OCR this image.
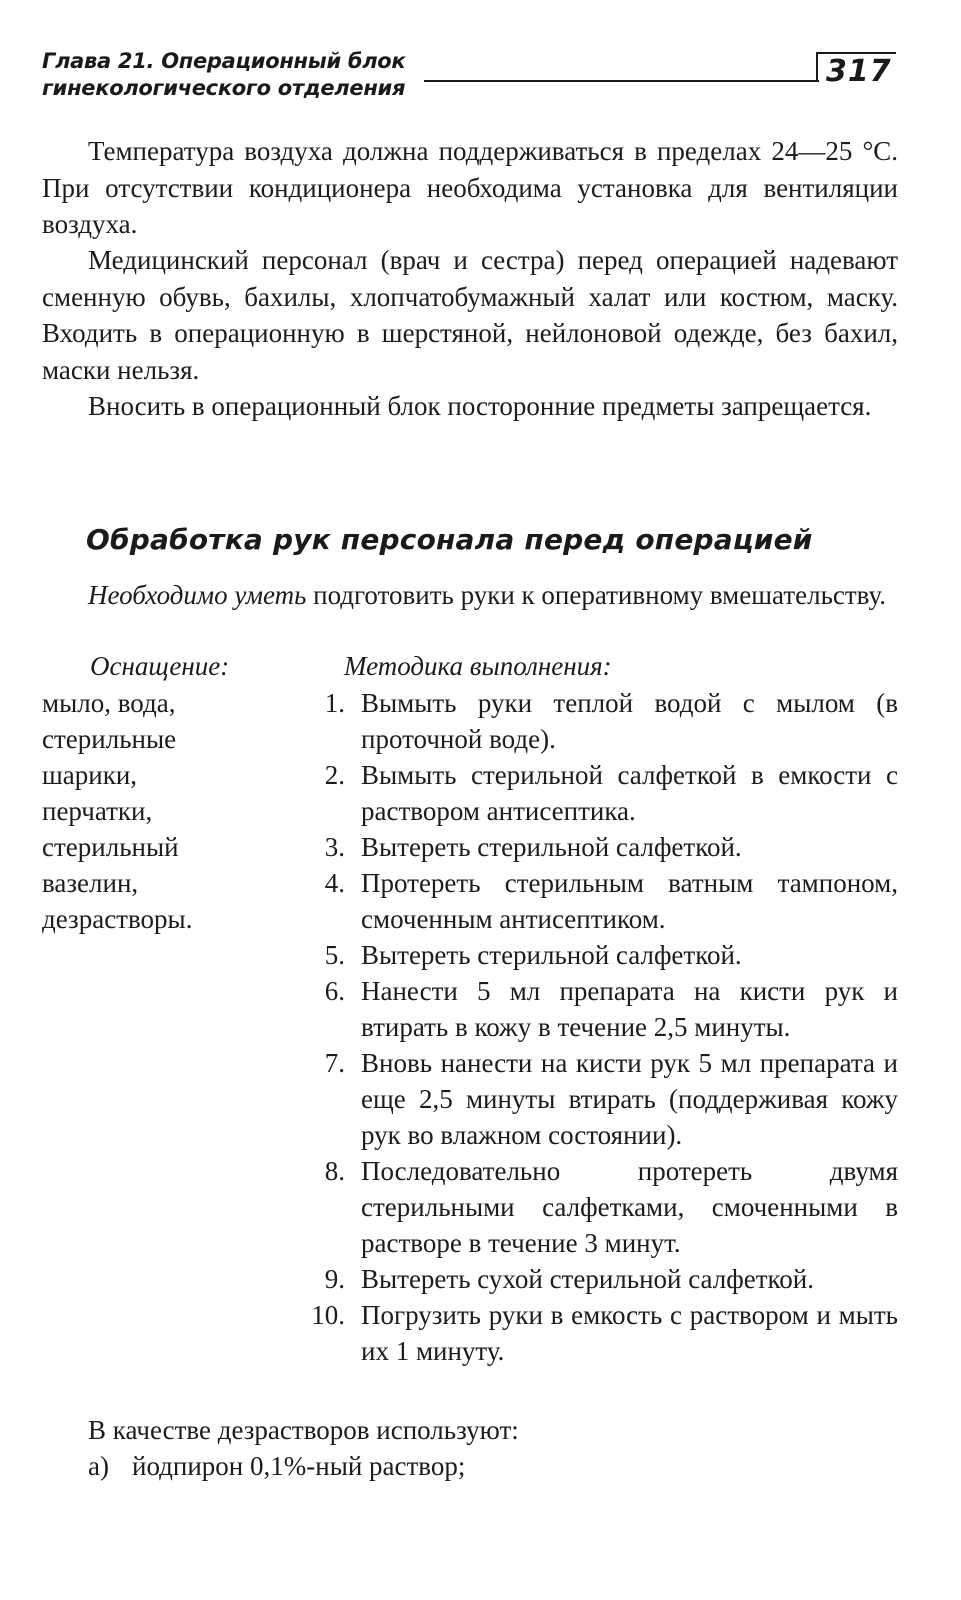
Глава 21. Операционный блок
гинекологического отделения	317

Температура воздуха должна поддерживаться в пределах 24—25 °С. При отсутствии кондиционера необходима установка для вентиляции воздуха.

Медицинский персонал (врач и сестра) перед операцией надевают сменную обувь, бахилы, хлопчатобумажный халат или костюм, маску. Входить в операционную в шерстяной, нейлоновой одежде, без бахил, маски нельзя.

Вносить в операционный блок посторонние предметы запрещается.

Обработка рук персонала перед операцией

Необходимо уметь подготовить руки к оперативному вмешательству.

Оснащение:	Методика выполнения:
мыло, вода,
стерильные
шарики,
перчатки,
стерильный
вазелин,
дезрастворы.
1. Вымыть руки теплой водой с мылом (в проточной воде).
2. Вымыть стерильной салфеткой в емкости с раствором антисептика.
3. Вытереть стерильной салфеткой.
4. Протереть стерильным ватным тампоном, смоченным антисептиком.
5. Вытереть стерильной салфеткой.
6. Нанести 5 мл препарата на кисти рук и втирать в кожу в течение 2,5 минуты.
7. Вновь нанести на кисти рук 5 мл препарата и еще 2,5 минуты втирать (поддерживая кожу рук во влажном состоянии).
8. Последовательно протереть двумя стерильными салфетками, смоченными в растворе в течение 3 минут.
9. Вытереть сухой стерильной салфеткой.
10. Погрузить руки в емкость с раствором и мыть их 1 минуту.

В качестве дезрастворов используют:

а) йодпирон 0,1%-ный раствор;
